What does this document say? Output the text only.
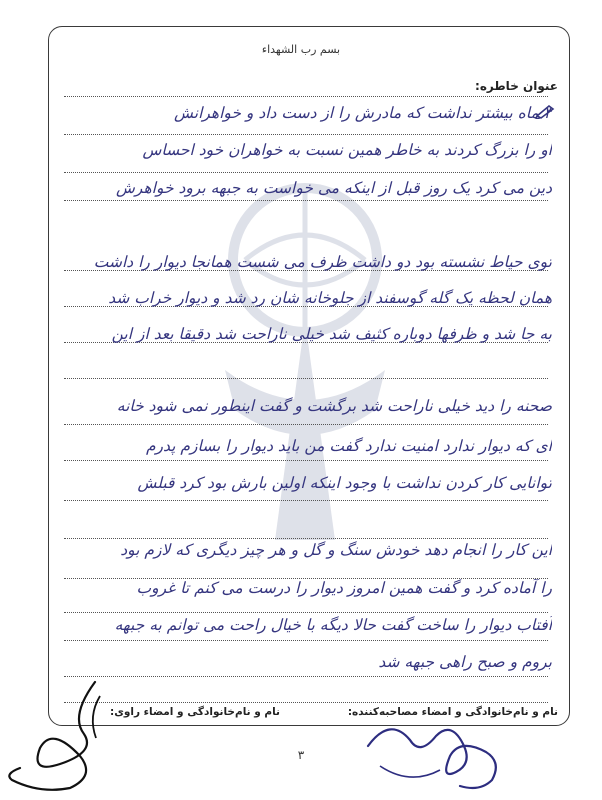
بسم رب الشهداء
عنوان خاطره:
۳ ماه بیشتر نداشت که مادرش را از دست داد و خواهرانش
او را بزرگ کردند به خاطر همین نسبت به خواهران خود احساس
دین می کرد یک روز قبل از اینکه می خواست به جبهه برود خواهرش
توی حیاط نشسته بود دو داشت ظرف می شست همانجا دیوار را داشت
همان لحظه یک گله گوسفند از جلوخانه شان رد شد و دیوار خراب شد
به جا شد و ظرفها دوباره کثیف شد خیلی ناراحت شد دقیقا بعد از این
صحنه را دید خیلی ناراحت شد برگشت و گفت اینطور نمی شود خانه
ای که دیوار ندارد امنیت ندارد گفت من باید دیوار را بسازم پدرم
توانایی کار کردن نداشت با وجود اینکه اولین بارش بود کرد قبلش
این کار را انجام دهد خودش سنگ و گل و هر چیز دیگری که لازم بود
را آماده کرد و گفت همین امروز دیوار را درست می کنم تا غروب
آفتاب دیوار را ساخت گفت حالا دیگه با خیال راحت می توانم به جبهه
بروم و صبح راهی جبهه شد
نام و نام‌خانوادگی و امضاء مصاحبه‌کننده:
نام و نام‌خانوادگی و امضاء راوی:
۳
